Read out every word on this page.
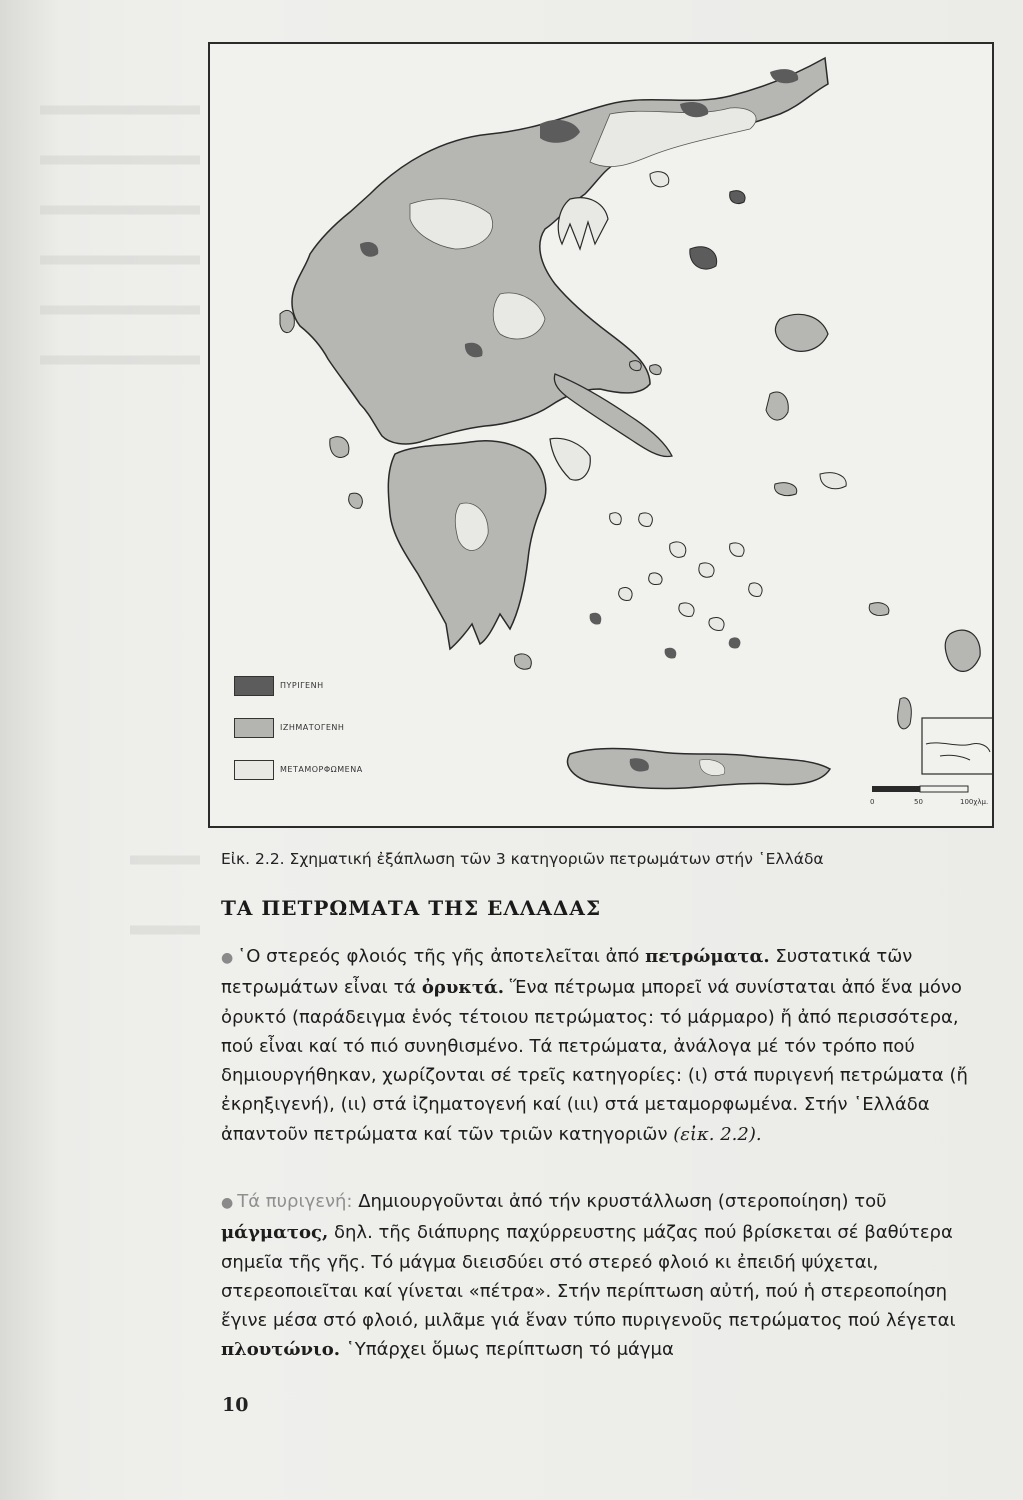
ΠΥΡΙΓΕΝΗ
ΙΖΗΜΑΤΟΓΕΝΗ
ΜΕΤΑΜΟΡΦΩΜΕΝΑ
0	50	100χλμ.
Εἰκ. 2.2. Σχηματική ἐξάπλωση τῶν 3 κατηγοριῶν πετρωμάτων στήν ῾Ελλάδα
ΤΑ ΠΕΤΡΩΜΑΤΑ ΤΗΣ ΕΛΛΑΔΑΣ
● ῾Ο στερεός φλοιός τῆς γῆς ἀποτελεῖται ἀπό πετρώματα. Συστατικά τῶν πετρωμάτων εἶναι τά ὀρυκτά. Ἕνα πέτρωμα μπορεῖ νά συνίσταται ἀπό ἕνα μόνο ὀρυκτό (παράδειγμα ἑνός τέτοιου πετρώματος: τό μάρμαρο) ἤ ἀπό περισσότερα, πού εἶναι καί τό πιό συνηθισμένο. Τά πετρώματα, ἀνάλογα μέ τόν τρόπο πού δημιουργήθηκαν, χωρίζονται σέ τρεῖς κατηγορίες: (ι) στά πυριγενή πετρώματα (ἤ ἐκρηξιγενή), (ιι) στά ἰζηματογενή καί (ιιι) στά μεταμορφωμένα. Στήν ῾Ελλάδα ἀπαντοῦν πετρώματα καί τῶν τριῶν κατηγοριῶν (εἰκ. 2.2).
● Τά πυριγενή: Δημιουργοῦνται ἀπό τήν κρυστάλλωση (στεροποίηση) τοῦ μάγματος, δηλ. τῆς διάπυρης παχύρρευστης μάζας πού βρίσκεται σέ βαθύτερα σημεῖα τῆς γῆς. Τό μάγμα διεισδύει στό στερεό φλοιό κι ἐπειδή ψύχεται, στερεοποιεῖται καί γίνεται «πέτρα». Στήν περίπτωση αὐτή, πού ἡ στερεοποίηση ἔγινε μέσα στό φλοιό, μιλᾶμε γιά ἕναν τύπο πυριγενοῦς πετρώματος πού λέγεται πλουτώνιο. ῾Υπάρχει ὅμως περίπτωση τό μάγμα
10
